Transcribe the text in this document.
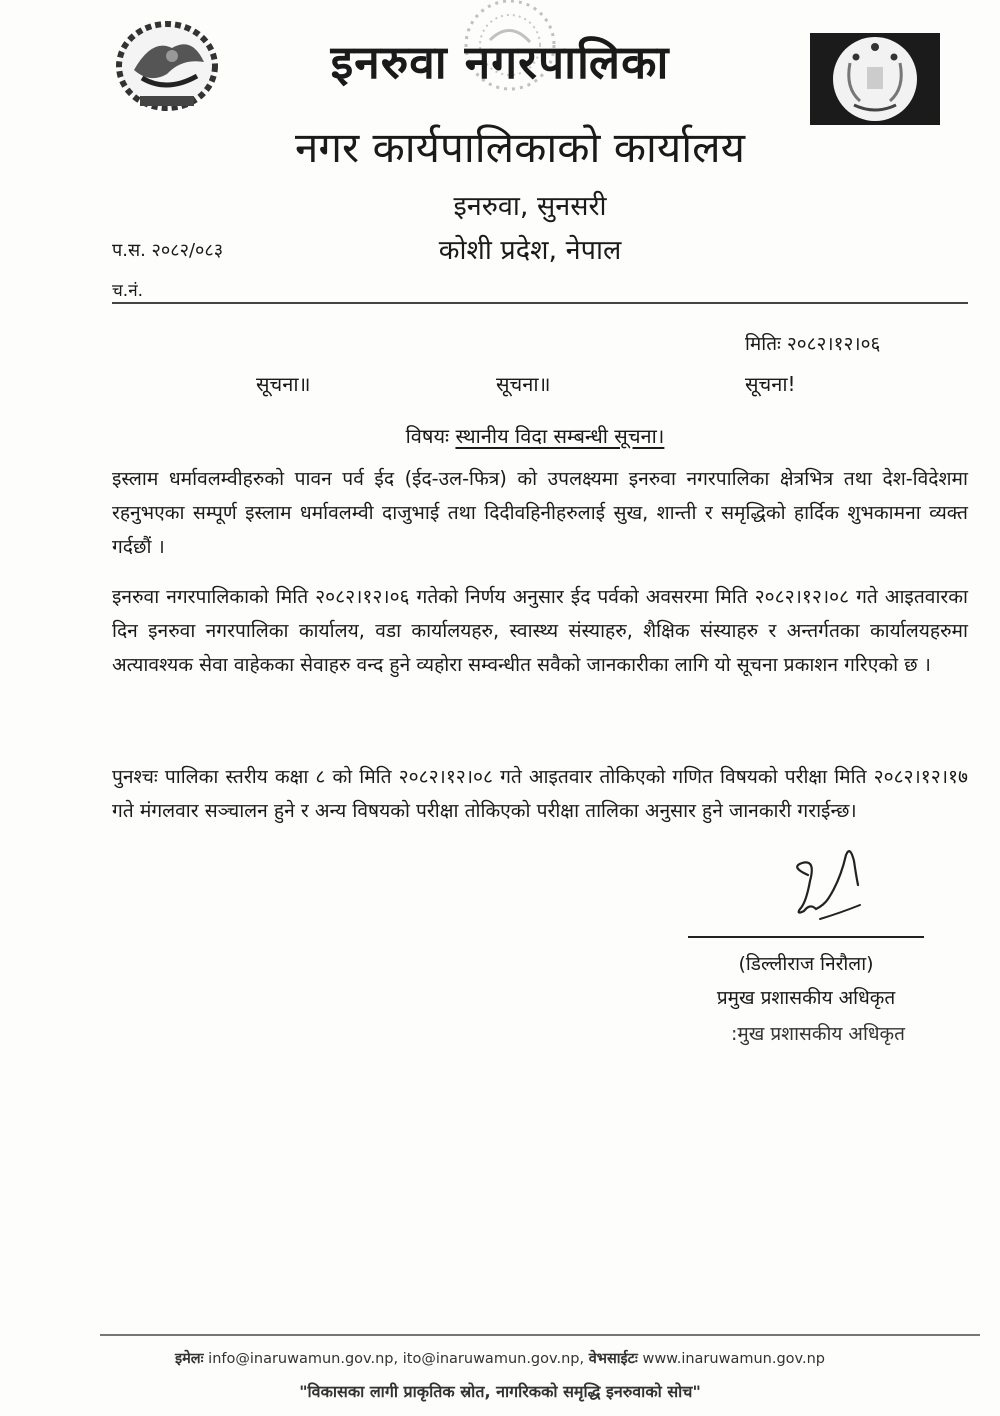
इनरुवा नगरपालिका
नगर कार्यपालिकाको कार्यालय
इनरुवा, सुनसरी
कोशी प्रदेश, नेपाल
प.स. २०८२/०८३
च.नं.
मितिः २०८२।१२।०६
सूचना॥	सूचना॥	सूचना!
विषयः स्थानीय विदा सम्बन्धी सूचना।
इस्लाम धर्मावलम्वीहरुको पावन पर्व ईद (ईद-उल-फित्र) को उपलक्ष्यमा इनरुवा नगरपालिका क्षेत्रभित्र तथा देश-विदेशमा रहनुभएका सम्पूर्ण इस्लाम धर्मावलम्वी दाजुभाई तथा दिदीवहिनीहरुलाई सुख, शान्ती र समृद्धिको हार्दिक शुभकामना व्यक्त गर्दछौं ।
इनरुवा नगरपालिकाको मिति २०८२।१२।०६ गतेको निर्णय अनुसार ईद पर्वको अवसरमा मिति २०८२।१२।०८ गते आइतवारका दिन इनरुवा नगरपालिका कार्यालय, वडा कार्यालयहरु, स्वास्थ्य संस्याहरु, शैक्षिक संस्याहरु र अन्तर्गतका कार्यालयहरुमा अत्यावश्यक सेवा वाहेकका सेवाहरु वन्द हुने व्यहोरा सम्वन्धीत सवैको जानकारीका लागि यो सूचना प्रकाशन गरिएको छ ।
पुनश्चः पालिका स्तरीय कक्षा ८ को मिति २०८२।१२।०८ गते आइतवार तोकिएको गणित विषयको परीक्षा मिति २०८२।१२।१७ गते मंगलवार सञ्चालन हुने र अन्य विषयको परीक्षा तोकिएको परीक्षा तालिका अनुसार हुने जानकारी गराईन्छ।
(डिल्लीराज निरौला)
प्रमुख प्रशासकीय अधिकृत
:मुख प्रशासकीय अधिकृत
इमेलः info@inaruwamun.gov.np, ito@inaruwamun.gov.np, वेभसाईटः www.inaruwamun.gov.np
"विकासका लागी प्राकृतिक स्रोत, नागरिकको समृद्धि इनरुवाको सोच"
